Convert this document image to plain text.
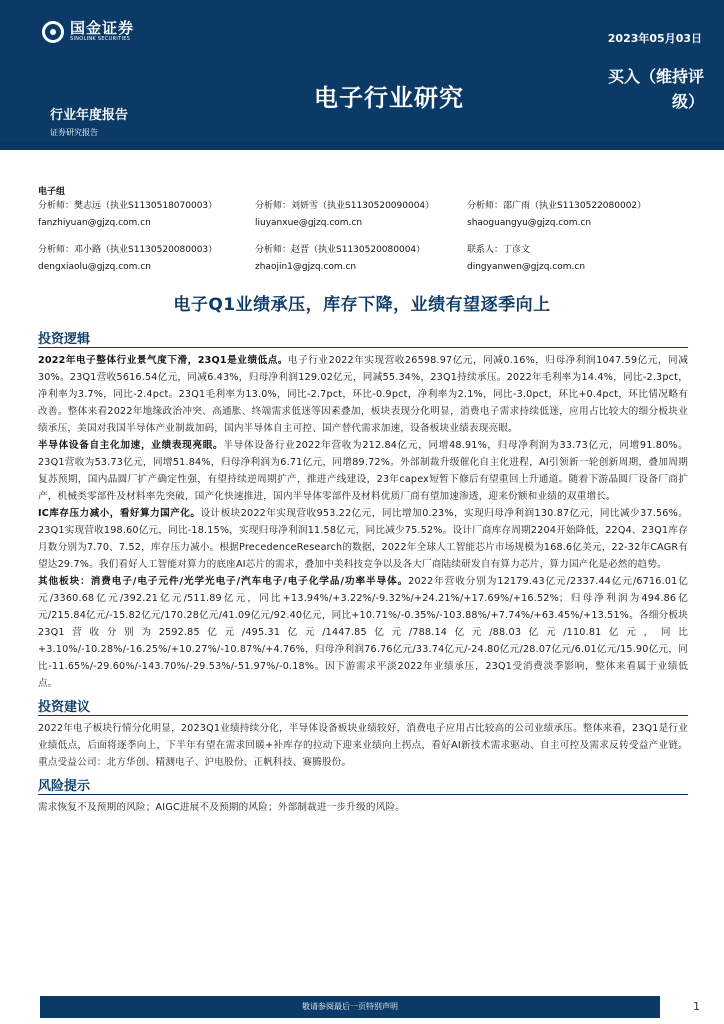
国金证券
SINOLINK SECURITIES	2023年05月03日
电子行业研究
买入（维持评级）
行业年度报告
证券研究报告
电子组
分析师：樊志远（执业S1130518070003）
fanzhiyuan@gjzq.com.cn
分析师：刘妍雪（执业S1130520090004）
liuyanxue@gjzq.com.cn
分析师：邵广雨（执业S1130522080002）
shaoguangyu@gjzq.com.cn
分析师：邓小路（执业S1130520080003）
dengxiaolu@gjzq.com.cn
分析师：赵晋（执业S1130520080004）
zhaojin1@gjzq.com.cn
联系人：丁彦文
dingyanwen@gjzq.com.cn
电子Q1业绩承压，库存下降，业绩有望逐季向上
投资逻辑

2022年电子整体行业景气度下滑，23Q1是业绩低点。电子行业2022年实现营收26598.97亿元，同减0.16%，归母净利润1047.59亿元，同减30%。23Q1营收5616.54亿元，同减6.43%，归母净利润129.02亿元，同减55.34%，23Q1持续承压。2022年毛利率为14.4%，同比-2.3pct，净利率为3.7%，同比-2.4pct。23Q1毛利率为13.0%，同比-2.7pct，环比-0.9pct，净利率为2.1%，同比-3.0pct，环比+0.4pct，环比情况略有改善。整体来看2022年地缘政治冲突、高通胀、终端需求低迷等因素叠加，板块表现分化明显，消费电子需求持续低迷，应用占比较大的细分板块业绩承压，美国对我国半导体产业制裁加码，国内半导体自主可控、国产替代需求加速，设备板块业绩表现亮眼。

半导体设备自主化加速，业绩表现亮眼。半导体设备行业2022年营收为212.84亿元，同增48.91%，归母净利润为33.73亿元，同增91.80%。23Q1营收为53.73亿元，同增51.84%，归母净利润为6.71亿元，同增89.72%。外部制裁升级催化自主化进程，AI引领新一轮创新周期，叠加周期复苏预期，国内晶圆厂扩产确定性强，有望持续逆周期扩产，推进产线建设，23年capex短暂下修后有望重回上升通道。随着下游晶圆厂设备厂商扩产，机械类零部件及材料率先突破，国产化快速推进，国内半导体零部件及材料优质厂商有望加速渗透，迎来份额和业绩的双重增长。

IC库存压力减小，看好算力国产化。设计板块2022年实现营收953.22亿元，同比增加0.23%，实现归母净利润130.87亿元，同比减少37.56%。23Q1实现营收198.60亿元，同比-18.15%，实现归母净利润11.58亿元，同比减少75.52%。设计厂商库存周期2204开始降低，22Q4、23Q1库存月数分别为7.70、7.52，库存压力减小。根据PrecedenceResearch的数据，2022年全球人工智能芯片市场规模为168.6亿美元，22-32年CAGR有望达29.7%。我们看好人工智能对算力的底座AI芯片的需求，叠加中美科技竞争以及各大厂商陆续研发自有算力芯片，算力国产化是必然的趋势。

其他板块：消费电子/电子元件/光学光电子/汽车电子/电子化学品/功率半导体。2022年营收分别为12179.43亿元/2337.44亿元/6716.01亿元/3360.68亿元/392.21亿元/511.89亿元，同比+13.94%/+3.22%/-9.32%/+24.21%/+17.69%/+16.52%；归母净利润为494.86亿元/215.84亿元/-15.82亿元/170.28亿元/41.09亿元/92.40亿元，同比+10.71%/-0.35%/-103.88%/+7.74%/+63.45%/+13.51%。各细分板块23Q1营收分别为2592.85亿元/495.31亿元/1447.85亿元/788.14亿元/88.03亿元/110.81亿元，同比+3.10%/-10.28%/-16.25%/+10.27%/-10.87%/+4.76%，归母净利润76.76亿元/33.74亿元/-24.80亿元/28.07亿元/6.01亿元/15.90亿元，同比-11.65%/-29.60%/-143.70%/-29.53%/-51.97%/-0.18%。因下游需求平淡2022年业绩承压，23Q1受消费淡季影响，整体来看属于业绩低点。

投资建议

2022年电子板块行情分化明显，2023Q1业绩持续分化，半导体设备板块业绩较好，消费电子应用占比较高的公司业绩承压。整体来看，23Q1是行业业绩低点，后面将逐季向上，下半年有望在需求回暖+补库存的拉动下迎来业绩向上拐点，看好AI新技术需求驱动、自主可控及需求反转受益产业链。重点受益公司：北方华创、精测电子、沪电股份、正帆科技、赛腾股份。

风险提示

需求恢复不及预期的风险；AIGC进展不及预期的风险；外部制裁进一步升级的风险。

敬请参阅最后一页特别声明	1
